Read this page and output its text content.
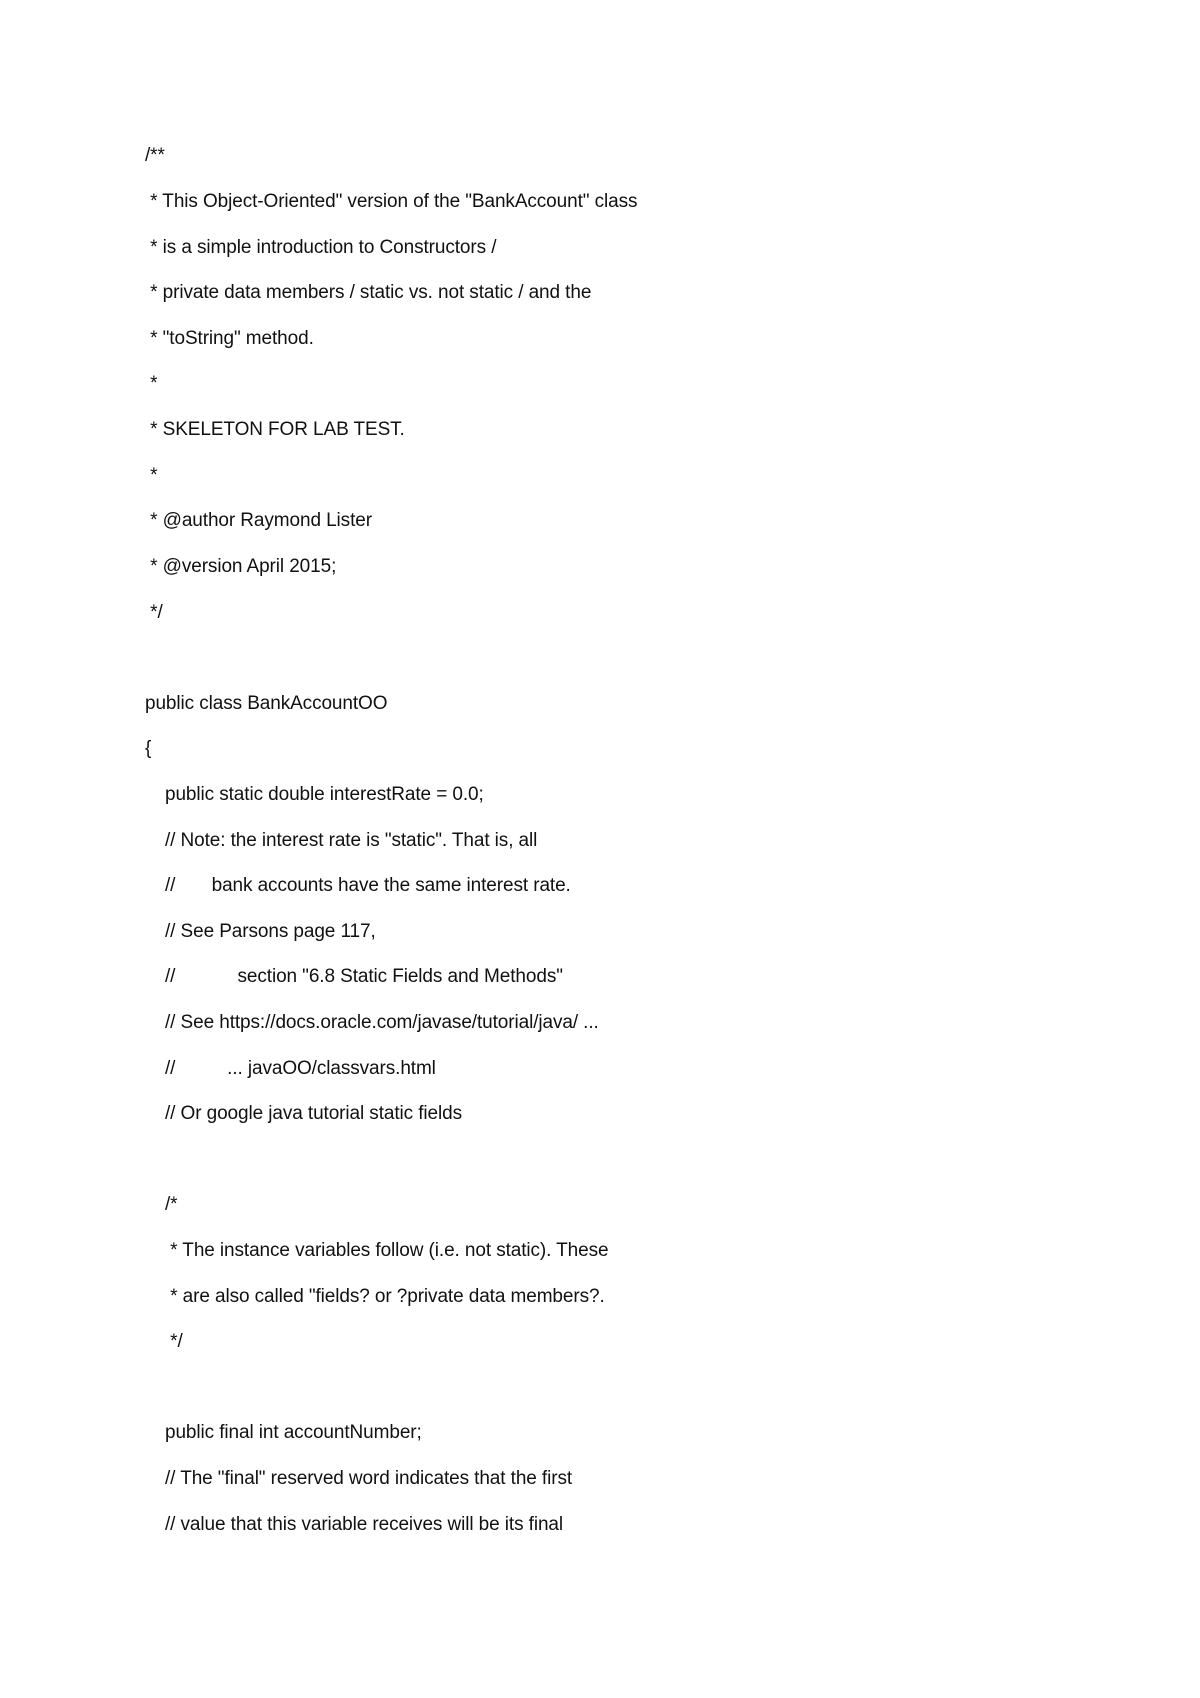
/**
* This Object-Oriented" version of the "BankAccount" class
* is a simple introduction to Constructors /
* private data members / static vs. not static / and the
* "toString" method.
*
* SKELETON FOR LAB TEST.
*
* @author Raymond Lister
* @version April 2015;
*/
public class BankAccountOO
{
public static double interestRate = 0.0;
// Note: the interest rate is "static". That is, all
//       bank accounts have the same interest rate.
// See Parsons page 117,
//            section "6.8 Static Fields and Methods"
// See https://docs.oracle.com/javase/tutorial/java/ ...
//          ... javaOO/classvars.html
// Or google java tutorial static fields
/*
* The instance variables follow (i.e. not static). These
* are also called "fields? or ?private data members?.
*/
public final int accountNumber;
// The "final" reserved word indicates that the first
// value that this variable receives will be its final
